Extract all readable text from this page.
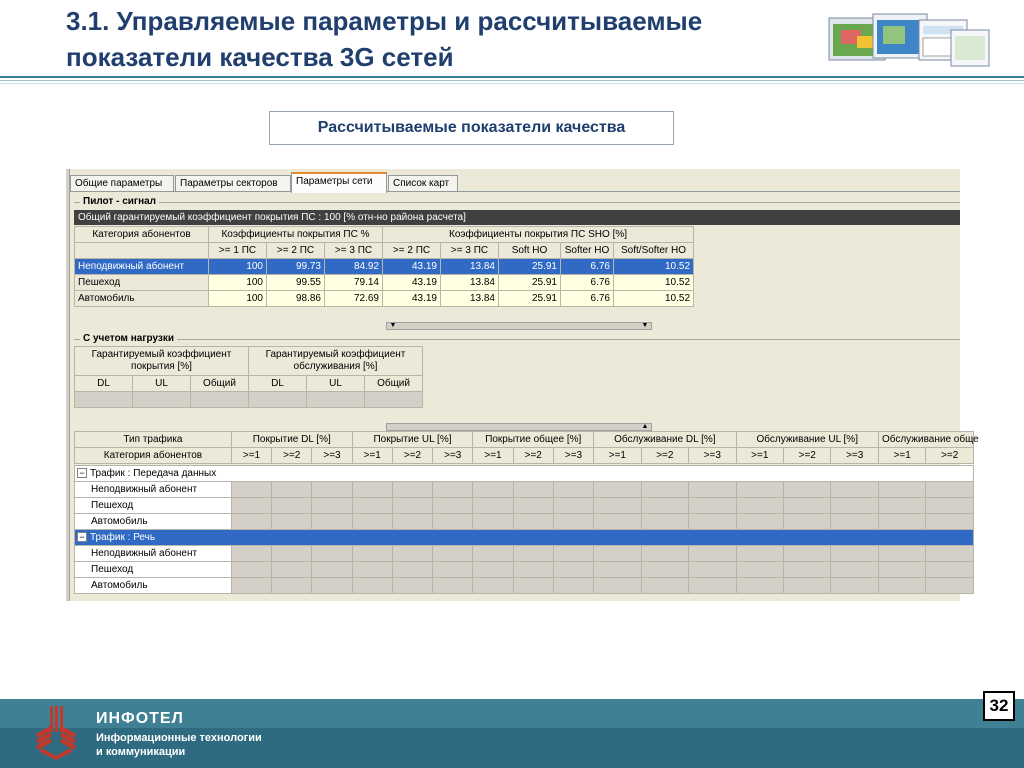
3.1. Управляемые параметры и рассчитываемые показатели качества 3G сетей
Рассчитываемые показатели качества
Общие параметры	Параметры секторов	Параметры сети	Список карт
Пилот - сигнал
Общий гарантируемый коэффициент покрытия ПС : 100 [% отн-но района расчета]
Категория абонентов	Коэффициенты покрытия ПС %			Коэффициенты покрытия ПС SHO [%]				
	>= 1 ПС	>= 2 ПС	>= 3 ПС	>= 2 ПС	>= 3 ПС	Soft HO	Softer HO	Soft/Softer HO
Неподвижный абонент	100	99.73	84.92	43.19	13.84	25.91	6.76	10.52
Пешеход	100	99.55	79.14	43.19	13.84	25.91	6.76	10.52
Автомобиль	100	98.86	72.69	43.19	13.84	25.91	6.76	10.52
▼	▼
С учетом нагрузки
Гарантируемый коэффициент покрытия [%]			Гарантируемый коэффициент обслуживания [%]		
DL	UL	Общий	DL	UL	Общий

▲
Тип трафика	Покрытие DL [%]			Покрытие UL [%]			Покрытие общее [%]			Обслуживание DL [%]			Обслуживание UL [%]			Обслуживание обще	
Категория абонентов	>=1	>=2	>=3	>=1	>=2	>=3	>=1	>=2	>=3	>=1	>=2	>=3	>=1	>=2	>=3	>=1	>=2
− Трафик : Передача данных																	
Неподвижный абонент																	
Пешеход																	
Автомобиль																	
− Трафик : Речь																	
Неподвижный абонент																	
Пешеход																	
Автомобиль																	
ИНФОТЕЛ
Информационные технологии
и коммуникации
32
